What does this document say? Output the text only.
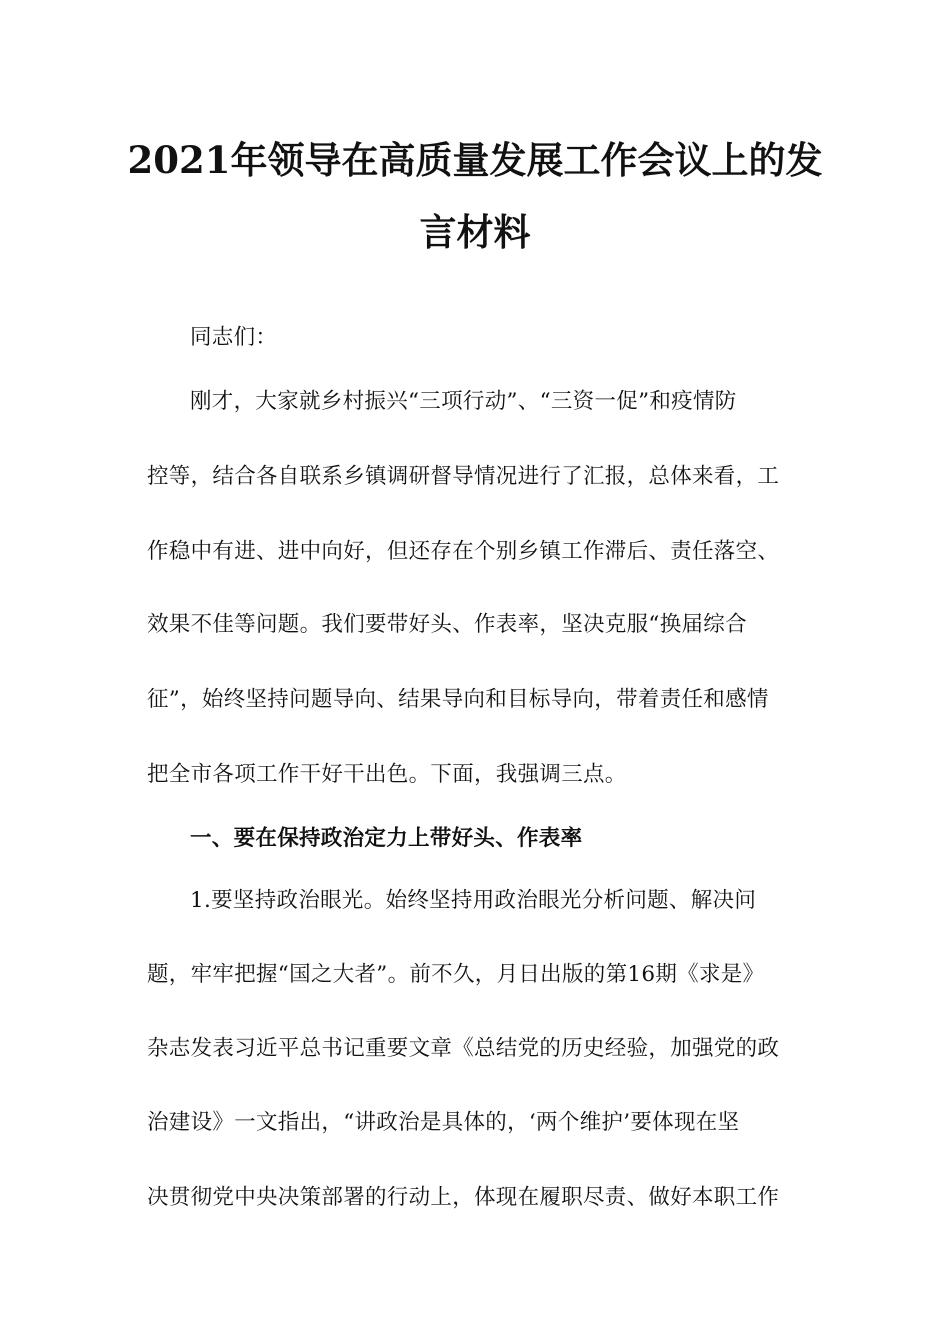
2021年领导在高质量发展工作会议上的发
言材料
同志们：
刚才，大家就乡村振兴“三项行动”、“三资一促”和疫情防
控等，结合各自联系乡镇调研督导情况进行了汇报，总体来看，工
作稳中有进、进中向好，但还存在个别乡镇工作滞后、责任落空、
效果不佳等问题。我们要带好头、作表率，坚决克服“换届综合
征”，始终坚持问题导向、结果导向和目标导向，带着责任和感情
把全市各项工作干好干出色。下面，我强调三点。
一、要在保持政治定力上带好头、作表率
1.要坚持政治眼光。始终坚持用政治眼光分析问题、解决问
题，牢牢把握“国之大者”。前不久，月日出版的第16期《求是》
杂志发表习近平总书记重要文章《总结党的历史经验，加强党的政
治建设》一文指出，“讲政治是具体的，‘两个维护’要体现在坚
决贯彻党中央决策部署的行动上，体现在履职尽责、做好本职工作
